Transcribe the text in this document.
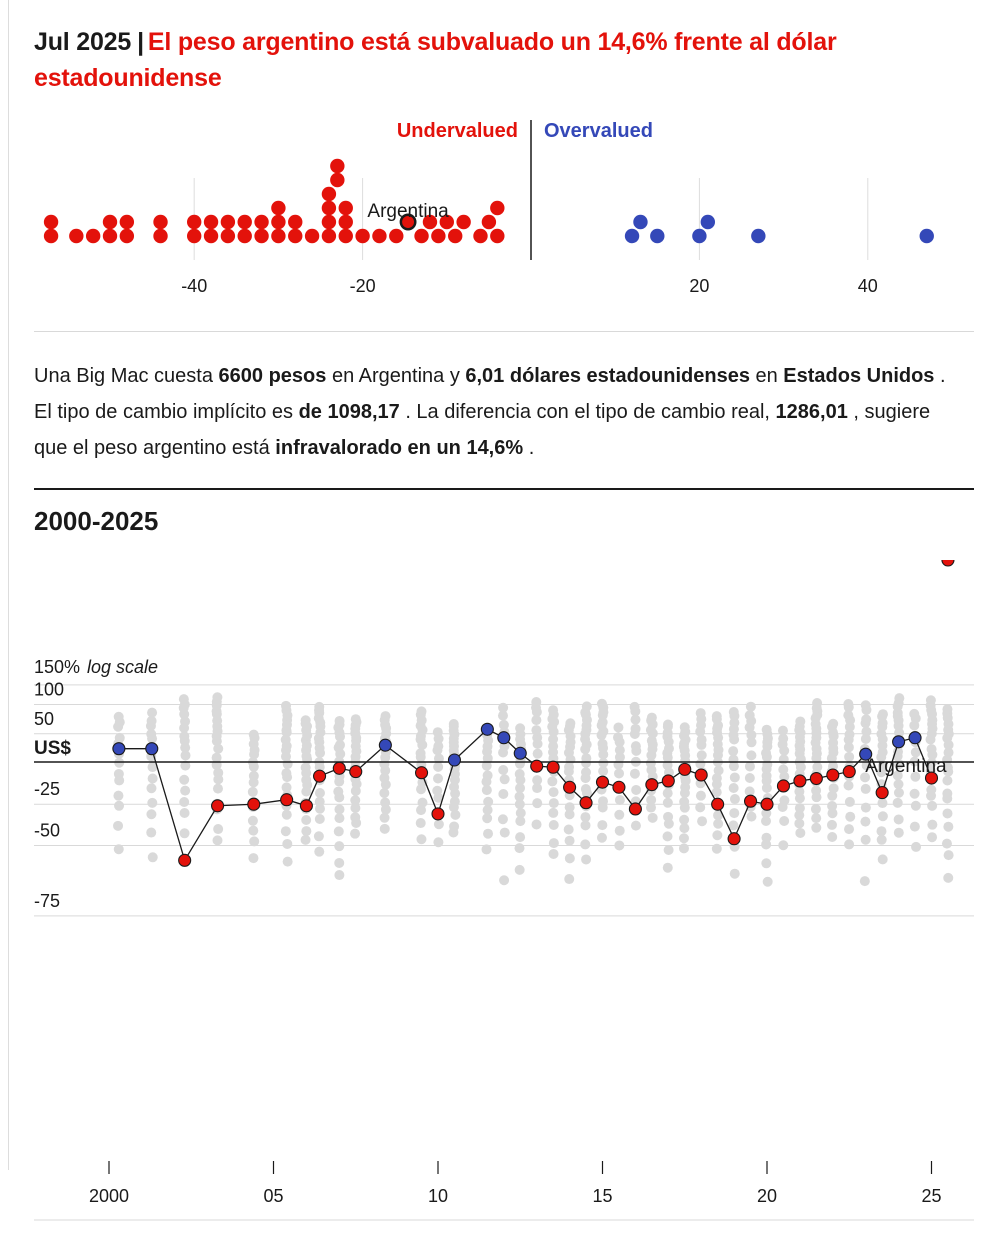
Jul 2025 | El peso argentino está subvaluado un 14,6% frente al dólar estadounidense
Undervalued Overvalued
Argentina
-40	-20	20	40
Una Big Mac cuesta 6600 pesos en Argentina y 6,01 dólares estadounidenses en Estados Unidos . El tipo de cambio implícito es de 1098,17 . La diferencia con el tipo de cambio real, 1286,01 , sugiere que el peso argentino está infravalorado en un 14,6% .
2000-2025
150% log scale
100
50
-25
-50
-75
US$
Argentina
2000	05	10	15	20	25
